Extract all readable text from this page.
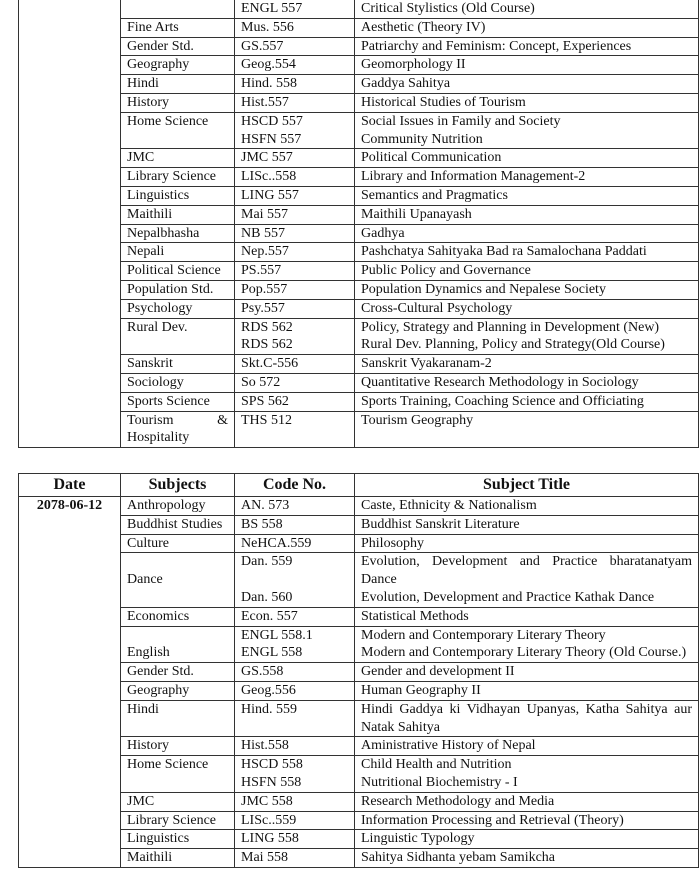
		ENGL 557	Critical Stylistics (Old Course)
	Fine Arts	Mus. 556	Aesthetic (Theory IV)
	Gender Std.	GS.557	Patriarchy and Feminism: Concept, Experiences
	Geography	Geog.554	Geomorphology II
	Hindi	Hind. 558	Gaddya Sahitya
	History	Hist.557	Historical Studies of Tourism
	Home Science	HSCD 557	Social Issues in Family and Society
		HSFN 557	Community Nutrition
	JMC	JMC 557	Political Communication
	Library Science	LISc..558	Library and Information Management-2
	Linguistics	LING 557	Semantics and Pragmatics
	Maithili	Mai 557	Maithili Upanayash
	Nepalbhasha	NB 557	Gadhya
	Nepali	Nep.557	Pashchatya Sahityaka Bad ra Samalochana Paddati
	Political Science	PS.557	Public Policy and Governance
	Population Std.	Pop.557	Population Dynamics and Nepalese Society
	Psychology	Psy.557	Cross-Cultural Psychology
	Rural Dev.	RDS 562	Policy, Strategy and Planning in Development (New)
		RDS 562	Rural Dev. Planning, Policy and Strategy(Old Course)
	Sanskrit	Skt.C-556	Sanskrit Vyakaranam-2
	Sociology	So 572	Quantitative Research Methodology in Sociology
	Sports Science	SPS 562	Sports Training, Coaching Science and Officiating
	Tourism & Hospitality	THS 512	Tourism Geography
Date	Subjects	Code No.	Subject Title
2078-06-12	Anthropology	AN. 573	Caste, Ethnicity & Nationalism
	Buddhist Studies	BS 558	Buddhist Sanskrit Literature
	Culture	NeHCA.559	Philosophy
	Dance	Dan. 559	Evolution, Development and Practice bharatanatyam Dance
		Dan. 560	Evolution, Development and Practice Kathak Dance
	Economics	Econ. 557	Statistical Methods
	English	ENGL 558.1	Modern and Contemporary Literary Theory
		ENGL 558	Modern and Contemporary Literary Theory (Old Course.)
	Gender Std.	GS.558	Gender and development II
	Geography	Geog.556	Human Geography II
	Hindi	Hind. 559	Hindi Gaddya ki Vidhayan Upanyas, Katha Sahitya aur Natak Sahitya
	History	Hist.558	Aministrative History of Nepal
	Home Science	HSCD 558	Child Health and Nutrition
		HSFN 558	Nutritional Biochemistry - I
	JMC	JMC 558	Research Methodology and Media
	Library Science	LISc..559	Information Processing and Retrieval (Theory)
	Linguistics	LING 558	Linguistic Typology
	Maithili	Mai 558	Sahitya Sidhanta yebam Samikcha
